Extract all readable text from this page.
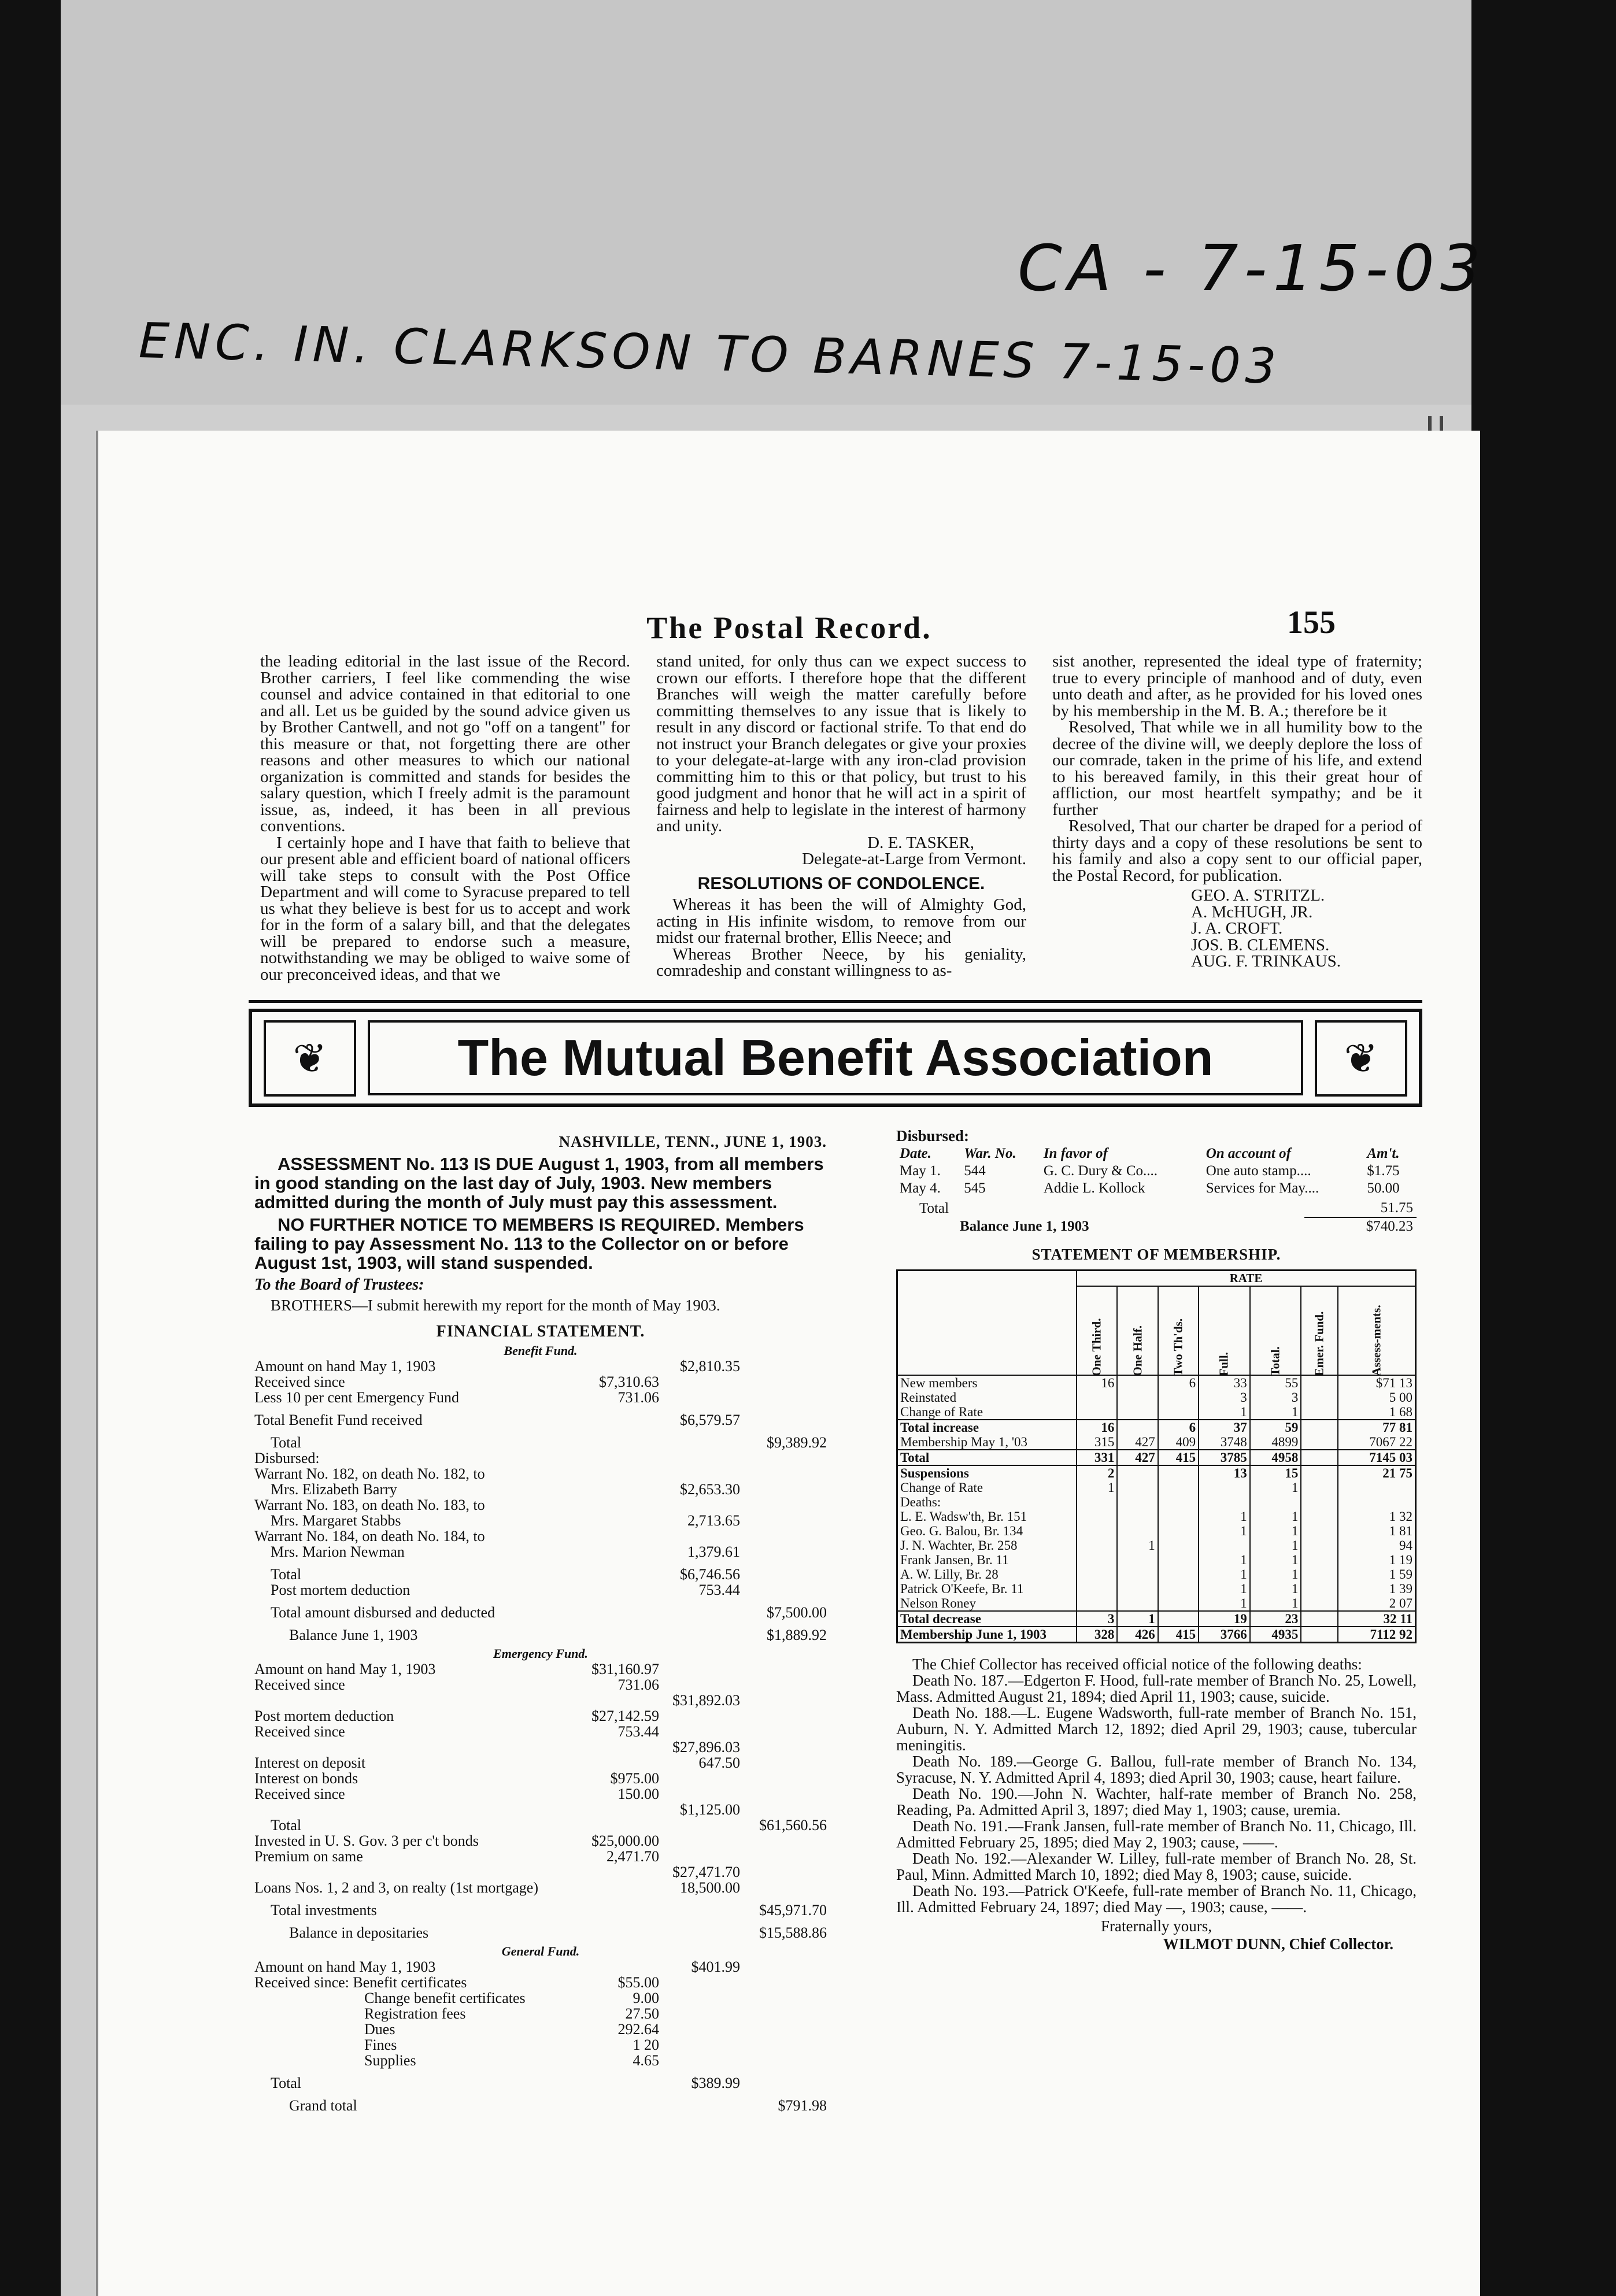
CA - 7-15-03
ENC. IN. CLARKSON TO BARNES 7-15-03
The Postal Record.	155

the leading editorial in the last issue of the Record. Brother carriers, I feel like commending the wise counsel and advice contained in that editorial to one and all. Let us be guided by the sound advice given us by Brother Cantwell, and not go "off on a tangent" for this measure or that, not forgetting there are other reasons and other measures to which our national organization is committed and stands for besides the salary question, which I freely admit is the paramount issue, as, indeed, it has been in all previous conventions.

I certainly hope and I have that faith to believe that our present able and efficient board of national officers will take steps to consult with the Post Office Department and will come to Syracuse prepared to tell us what they believe is best for us to accept and work for in the form of a salary bill, and that the delegates will be prepared to endorse such a measure, notwithstanding we may be obliged to waive some of our preconceived ideas, and that we

stand united, for only thus can we expect success to crown our efforts. I therefore hope that the different Branches will weigh the matter carefully before committing themselves to any issue that is likely to result in any discord or factional strife. To that end do not instruct your Branch delegates or give your proxies to your delegate-at-large with any iron-clad provision committing him to this or that policy, but trust to his good judgment and honor that he will act in a spirit of fairness and help to legislate in the interest of harmony and unity.

D. E. TASKER,

Delegate-at-Large from Vermont.

RESOLUTIONS OF CONDOLENCE.

Whereas it has been the will of Almighty God, acting in His infinite wisdom, to remove from our midst our fraternal brother, Ellis Neece; and

Whereas Brother Neece, by his geniality, comradeship and constant willingness to as-

sist another, represented the ideal type of fraternity; true to every principle of manhood and of duty, even unto death and after, as he provided for his loved ones by his membership in the M. B. A.; therefore be it

Resolved, That while we in all humility bow to the decree of the divine will, we deeply deplore the loss of our comrade, taken in the prime of his life, and extend to his bereaved family, in this their great hour of affliction, our most heartfelt sympathy; and be it further

Resolved, That our charter be draped for a period of thirty days and a copy of these resolutions be sent to his family and also a copy sent to our official paper, the Postal Record, for publication.

GEO. A. STRITZL.
A. McHUGH, JR.
J. A. CROFT.
JOS. B. CLEMENS.
AUG. F. TRINKAUS.
❦	The Mutual Benefit Association	❦
NASHVILLE, TENN., JUNE 1, 1903.
ASSESSMENT No. 113 IS DUE August 1, 1903, from all members in good standing on the last day of July, 1903. New members admitted during the month of July must pay this assessment.
NO FURTHER NOTICE TO MEMBERS IS REQUIRED. Members failing to pay Assessment No. 113 to the Collector on or before August 1st, 1903, will stand suspended.
To the Board of Trustees:
BROTHERS—I submit herewith my report for the month of May 1903.
FINANCIAL STATEMENT.
Benefit Fund.
Amount on hand May 1, 1903		$2,810.35	
Received since	$7,310.63		
Less 10 per cent Emergency Fund	731.06		

Total Benefit Fund received		$6,579.57	

Total			$9,389.92
Disbursed:			
Warrant No. 182, on death No. 182, to			
Mrs. Elizabeth Barry		$2,653.30	
Warrant No. 183, on death No. 183, to			
Mrs. Margaret Stabbs		2,713.65	
Warrant No. 184, on death No. 184, to			
Mrs. Marion Newman		1,379.61	

Total		$6,746.56	
Post mortem deduction		753.44	

Total amount disbursed and deducted			$7,500.00

Balance June 1, 1903			$1,889.92
Emergency Fund.
Amount on hand May 1, 1903	$31,160.97		
Received since	731.06		
		$31,892.03	
Post mortem deduction	$27,142.59		
Received since	753.44		
		$27,896.03	
Interest on deposit		647.50	
Interest on bonds	$975.00		
Received since	150.00		
		$1,125.00	
Total			$61,560.56
Invested in U. S. Gov. 3 per c't bonds	$25,000.00		
Premium on same	2,471.70		
		$27,471.70	
Loans Nos. 1, 2 and 3, on realty (1st mortgage)		18,500.00	

Total investments			$45,971.70

Balance in depositaries			$15,588.86
General Fund.
Amount on hand May 1, 1903		$401.99	
Received since: Benefit certificates	$55.00		
Change benefit certificates	9.00		
Registration fees	27.50		
Dues	292.64		
Fines	1 20		
Supplies	4.65		

Total		$389.99	

Grand total			$791.98
Disbursed:
Date.	War. No.	In favor of	On account of	Am't.
May 1.	544	G. C. Dury & Co....	One auto stamp....	$1.75
May 4.	545	Addie L. Kollock	Services for May....	50.00
Total	51.75
Balance June 1, 1903	$740.23
STATEMENT OF MEMBERSHIP.
	RATE						
	One Third.	One Half.	Two Th'ds.	Full.	Total.	Emer. Fund.	Assess-ments.
New members	16		6	33	55		$71 13
Reinstated				3	3		5 00
Change of Rate				1	1		1 68
Total increase	16		6	37	59		77 81
Membership May 1, '03	315	427	409	3748	4899		7067 22
Total	331	427	415	3785	4958		7145 03
Suspensions	2			13	15		21 75
Change of Rate	1				1		
Deaths:							
L. E. Wadsw'th, Br. 151				1	1		1 32
Geo. G. Balou, Br. 134				1	1		1 81
J. N. Wachter, Br. 258		1			1		94
Frank Jansen, Br. 11				1	1		1 19
A. W. Lilly, Br. 28				1	1		1 59
Patrick O'Keefe, Br. 11				1	1		1 39
Nelson Roney				1	1		2 07
Total decrease	3	1		19	23		32 11
Membership June 1, 1903	328	426	415	3766	4935		7112 92

The Chief Collector has received official notice of the following deaths:

Death No. 187.—Edgerton F. Hood, full-rate member of Branch No. 25, Lowell, Mass. Admitted August 21, 1894; died April 11, 1903; cause, suicide.

Death No. 188.—L. Eugene Wadsworth, full-rate member of Branch No. 151, Auburn, N. Y. Admitted March 12, 1892; died April 29, 1903; cause, tubercular meningitis.

Death No. 189.—George G. Ballou, full-rate member of Branch No. 134, Syracuse, N. Y. Admitted April 4, 1893; died April 30, 1903; cause, heart failure.

Death No. 190.—John N. Wachter, half-rate member of Branch No. 258, Reading, Pa. Admitted April 3, 1897; died May 1, 1903; cause, uremia.

Death No. 191.—Frank Jansen, full-rate member of Branch No. 11, Chicago, Ill. Admitted February 25, 1895; died May 2, 1903; cause, ——.

Death No. 192.—Alexander W. Lilley, full-rate member of Branch No. 28, St. Paul, Minn. Admitted March 10, 1892; died May 8, 1903; cause, suicide.

Death No. 193.—Patrick O'Keefe, full-rate member of Branch No. 11, Chicago, Ill. Admitted February 24, 1897; died May —, 1903; cause, ——.

Fraternally yours,
WILMOT DUNN, Chief Collector.
